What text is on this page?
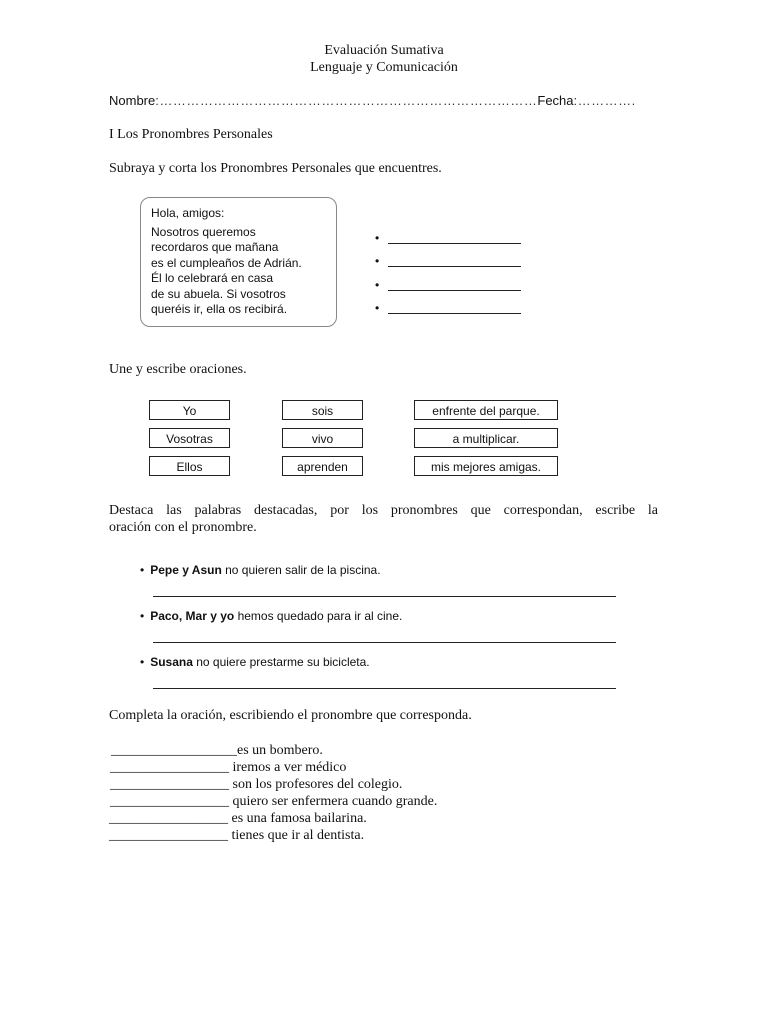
Evaluación Sumativa
Lenguaje y Comunicación
Nombre:…………………………………………………………………………Fecha:………….
I Los Pronombres Personales
Subraya y corta los Pronombres Personales que encuentres.
Hola, amigos:
Nosotros queremos
recordaros que mañana
es el cumpleaños de Adrián.
Él lo celebrará en casa
de su abuela. Si vosotros
queréis ir, ella os recibirá.
•
•
•
•
Une y escribe oraciones.
Yo
Vosotras
Ellos
sois
vivo
aprenden
enfrente del parque.
a multiplicar.
mis mejores amigas.
Destaca las palabras destacadas, por los pronombres que correspondan, escribe la
oración con el pronombre.
• Pepe y Asun no quieren salir de la piscina.
• Paco, Mar y yo hemos quedado para ir al cine.
• Susana no quiere prestarme su bicicleta.
Completa la oración, escribiendo el pronombre que corresponda.
__________________es un bombero.
_________________ iremos a ver médico
_________________ son los profesores del colegio.
_________________ quiero ser enfermera cuando grande.
_________________ es una famosa bailarina.
_________________ tienes que ir al dentista.
